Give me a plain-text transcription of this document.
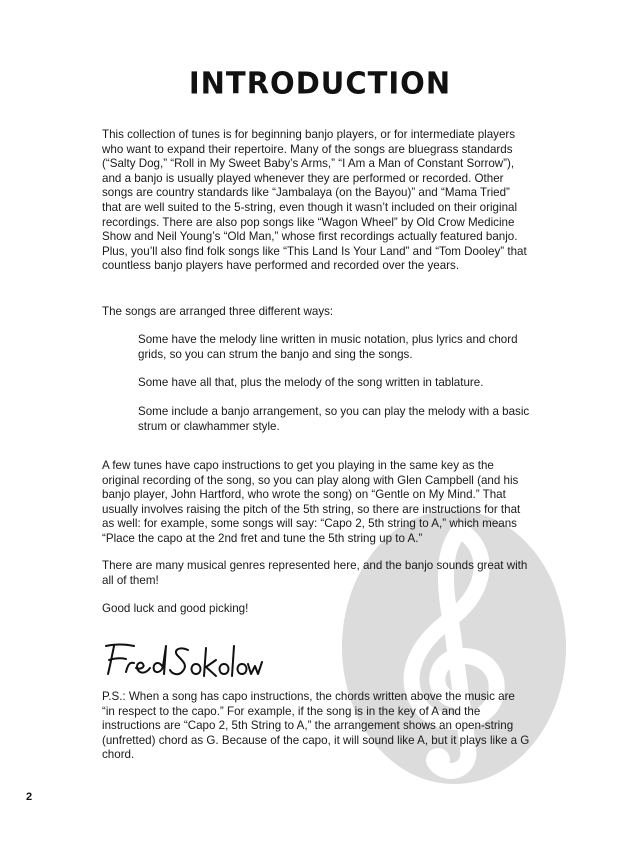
INTRODUCTION

This collection of tunes is for beginning banjo players, or for intermediate players who want to expand their repertoire. Many of the songs are bluegrass standards (“Salty Dog,” “Roll in My Sweet Baby’s Arms,” “I Am a Man of Constant Sorrow”), and a banjo is usually played whenever they are performed or recorded. Other songs are country standards like “Jambalaya (on the Bayou)” and “Mama Tried” that are well suited to the 5-string, even though it wasn’t included on their original recordings. There are also pop songs like “Wagon Wheel” by Old Crow Medicine Show and Neil Young’s “Old Man,” whose first recordings actually featured banjo. Plus, you’ll also find folk songs like “This Land Is Your Land” and “Tom Dooley” that countless banjo players have performed and recorded over the years.

The songs are arranged three different ways:

Some have the melody line written in music notation, plus lyrics and chord grids, so you can strum the banjo and sing the songs.

Some have all that, plus the melody of the song written in tablature.

Some include a banjo arrangement, so you can play the melody with a basic strum or clawhammer style.

A few tunes have capo instructions to get you playing in the same key as the original recording of the song, so you can play along with Glen Campbell (and his banjo player, John Hartford, who wrote the song) on “Gentle on My Mind.” That usually involves raising the pitch of the 5th string, so there are instructions for that as well: for example, some songs will say: “Capo 2, 5th string to A,” which means “Place the capo at the 2nd fret and tune the 5th string up to A.”

There are many musical genres represented here, and the banjo sounds great with all of them!

Good luck and good picking!

P.S.: When a song has capo instructions, the chords written above the music are “in respect to the capo.” For example, if the song is in the key of A and the instructions are “Capo 2, 5th String to A,” the arrangement shows an open-string (unfretted) chord as G. Because of the capo, it will sound like A, but it plays like a G chord.

2
